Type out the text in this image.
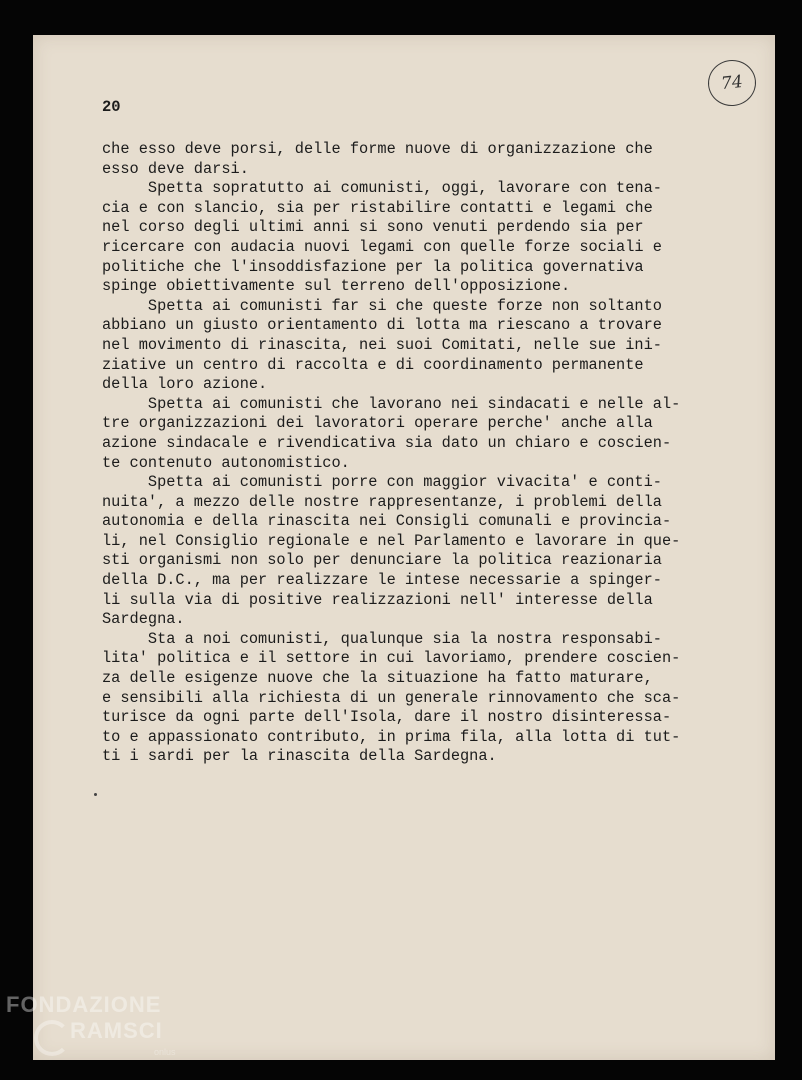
20
74
che esso deve porsi, delle forme nuove di organizzazione che
esso deve darsi.
Spetta sopratutto ai comunisti, oggi, lavorare con tena-
cia e con slancio, sia per ristabilire contatti e legami che
nel corso degli ultimi anni si sono venuti perdendo sia per
ricercare con audacia nuovi legami con quelle forze sociali e
politiche che l'insoddisfazione per la politica governativa
spinge obiettivamente sul terreno dell'opposizione.
Spetta ai comunisti far si che queste forze non soltanto
abbiano un giusto orientamento di lotta ma riescano a trovare
nel movimento di rinascita, nei suoi Comitati, nelle sue ini-
ziative un centro di raccolta e di coordinamento permanente
della loro azione.
Spetta ai comunisti che lavorano nei sindacati e nelle al-
tre organizzazioni dei lavoratori operare perche' anche alla
azione sindacale e rivendicativa sia dato un chiaro e coscien-
te contenuto autonomistico.
Spetta ai comunisti porre con maggior vivacita' e conti-
nuita', a mezzo delle nostre rappresentanze, i problemi della
autonomia e della rinascita nei Consigli comunali e provincia-
li, nel Consiglio regionale e nel Parlamento e lavorare in que-
sti organismi non solo per denunciare la politica reazionaria
della D.C., ma per realizzare le intese necessarie a spinger-
li sulla via di positive realizzazioni nell' interesse della
Sardegna.
Sta a noi comunisti, qualunque sia la nostra responsabi-
lita' politica e il settore in cui lavoriamo, prendere coscien-
za delle esigenze nuove che la situazione ha fatto maturare,
e sensibili alla richiesta di un generale rinnovamento che sca-
turisce da ogni parte dell'Isola, dare il nostro disinteressa-
to e appassionato contributo, in prima fila, alla lotta di tut-
ti i sardi per la rinascita della Sardegna.
FONDAZIONE
RAMSCI
onlus
